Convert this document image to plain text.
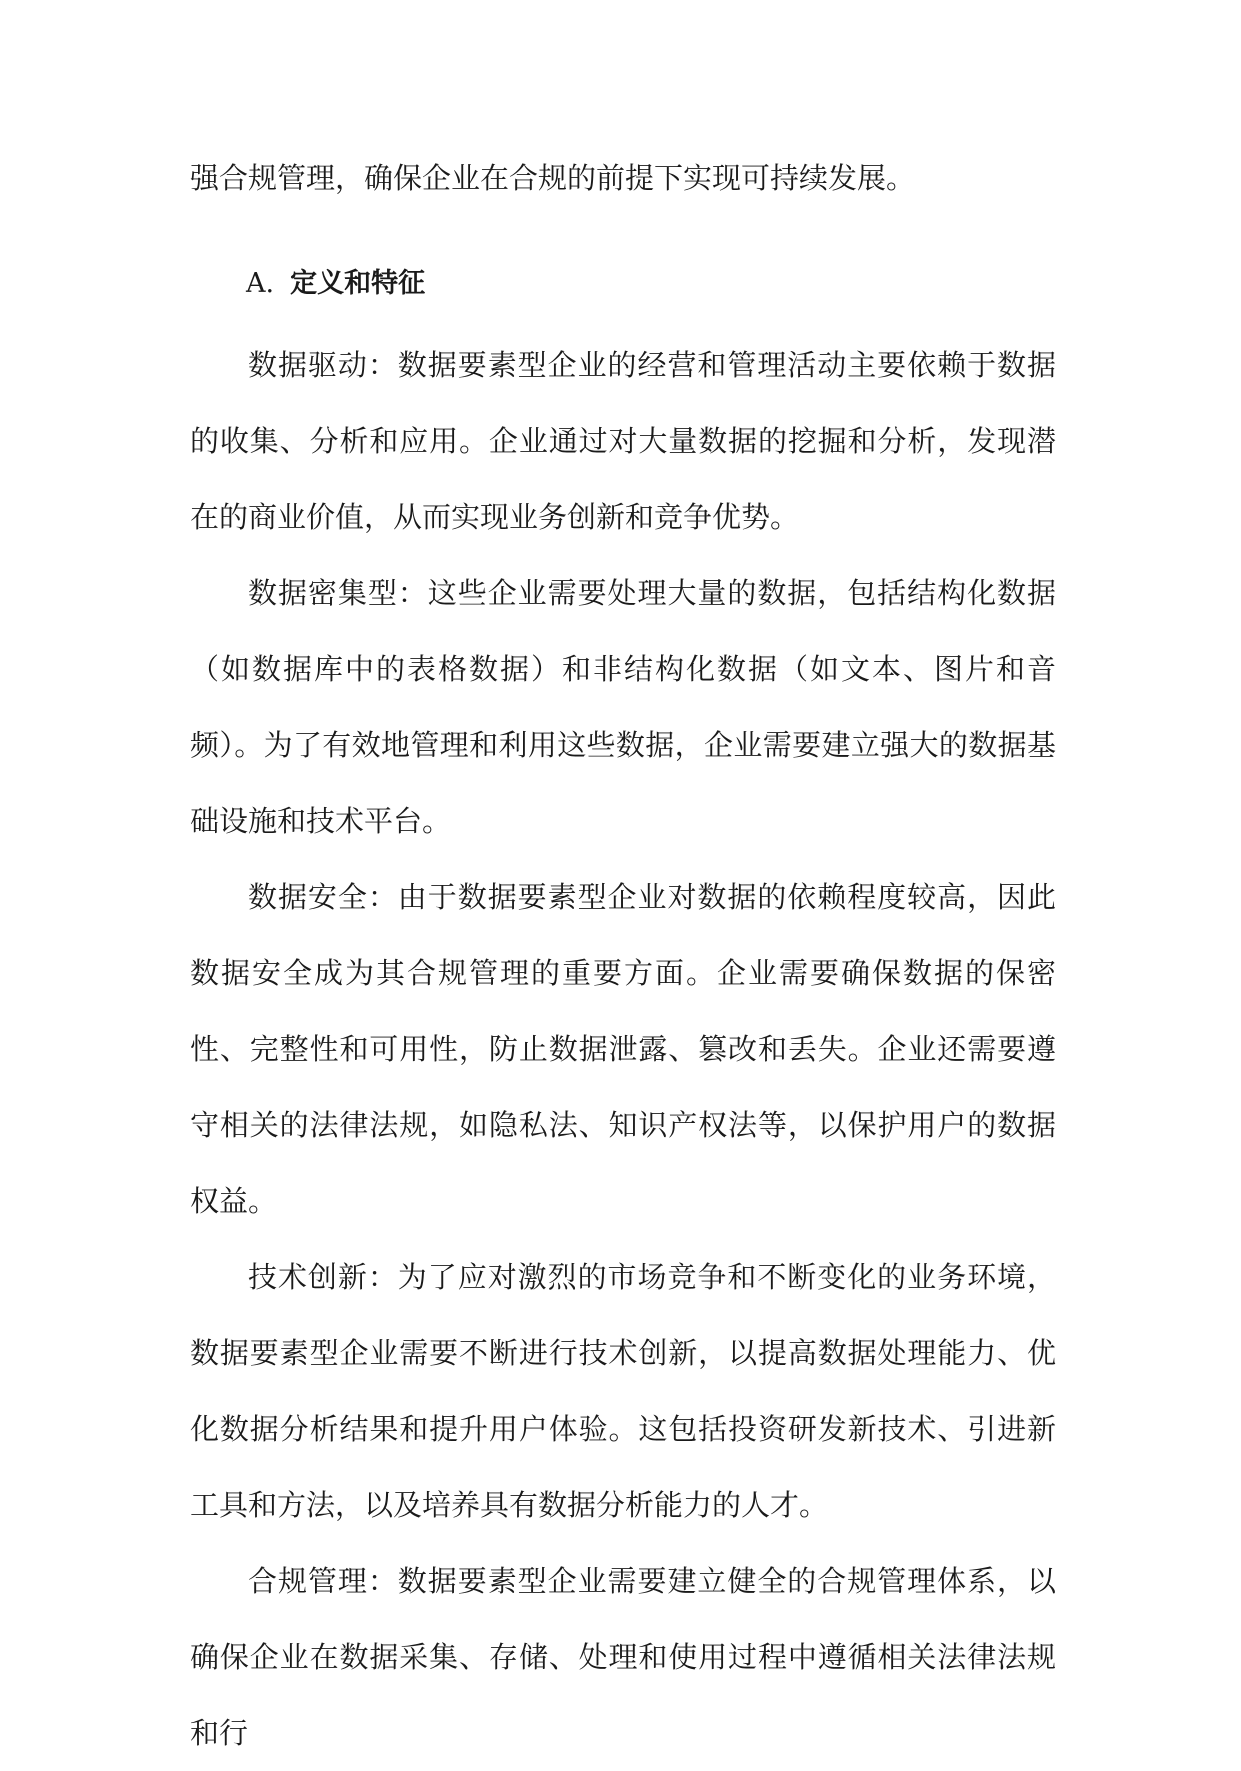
强合规管理，确保企业在合规的前提下实现可持续发展。

A. 定义和特征

数据驱动：数据要素型企业的经营和管理活动主要依赖于数据的收集、分析和应用。企业通过对大量数据的挖掘和分析，发现潜在的商业价值，从而实现业务创新和竞争优势。

数据密集型：这些企业需要处理大量的数据，包括结构化数据（如数据库中的表格数据）和非结构化数据（如文本、图片和音频）。为了有效地管理和利用这些数据，企业需要建立强大的数据基础设施和技术平台。

数据安全：由于数据要素型企业对数据的依赖程度较高，因此数据安全成为其合规管理的重要方面。企业需要确保数据的保密性、完整性和可用性，防止数据泄露、篡改和丢失。企业还需要遵守相关的法律法规，如隐私法、知识产权法等，以保护用户的数据权益。

技术创新：为了应对激烈的市场竞争和不断变化的业务环境，数据要素型企业需要不断进行技术创新，以提高数据处理能力、优化数据分析结果和提升用户体验。这包括投资研发新技术、引进新工具和方法，以及培养具有数据分析能力的人才。

合规管理：数据要素型企业需要建立健全的合规管理体系，以确保企业在数据采集、存储、处理和使用过程中遵循相关法律法规和行
